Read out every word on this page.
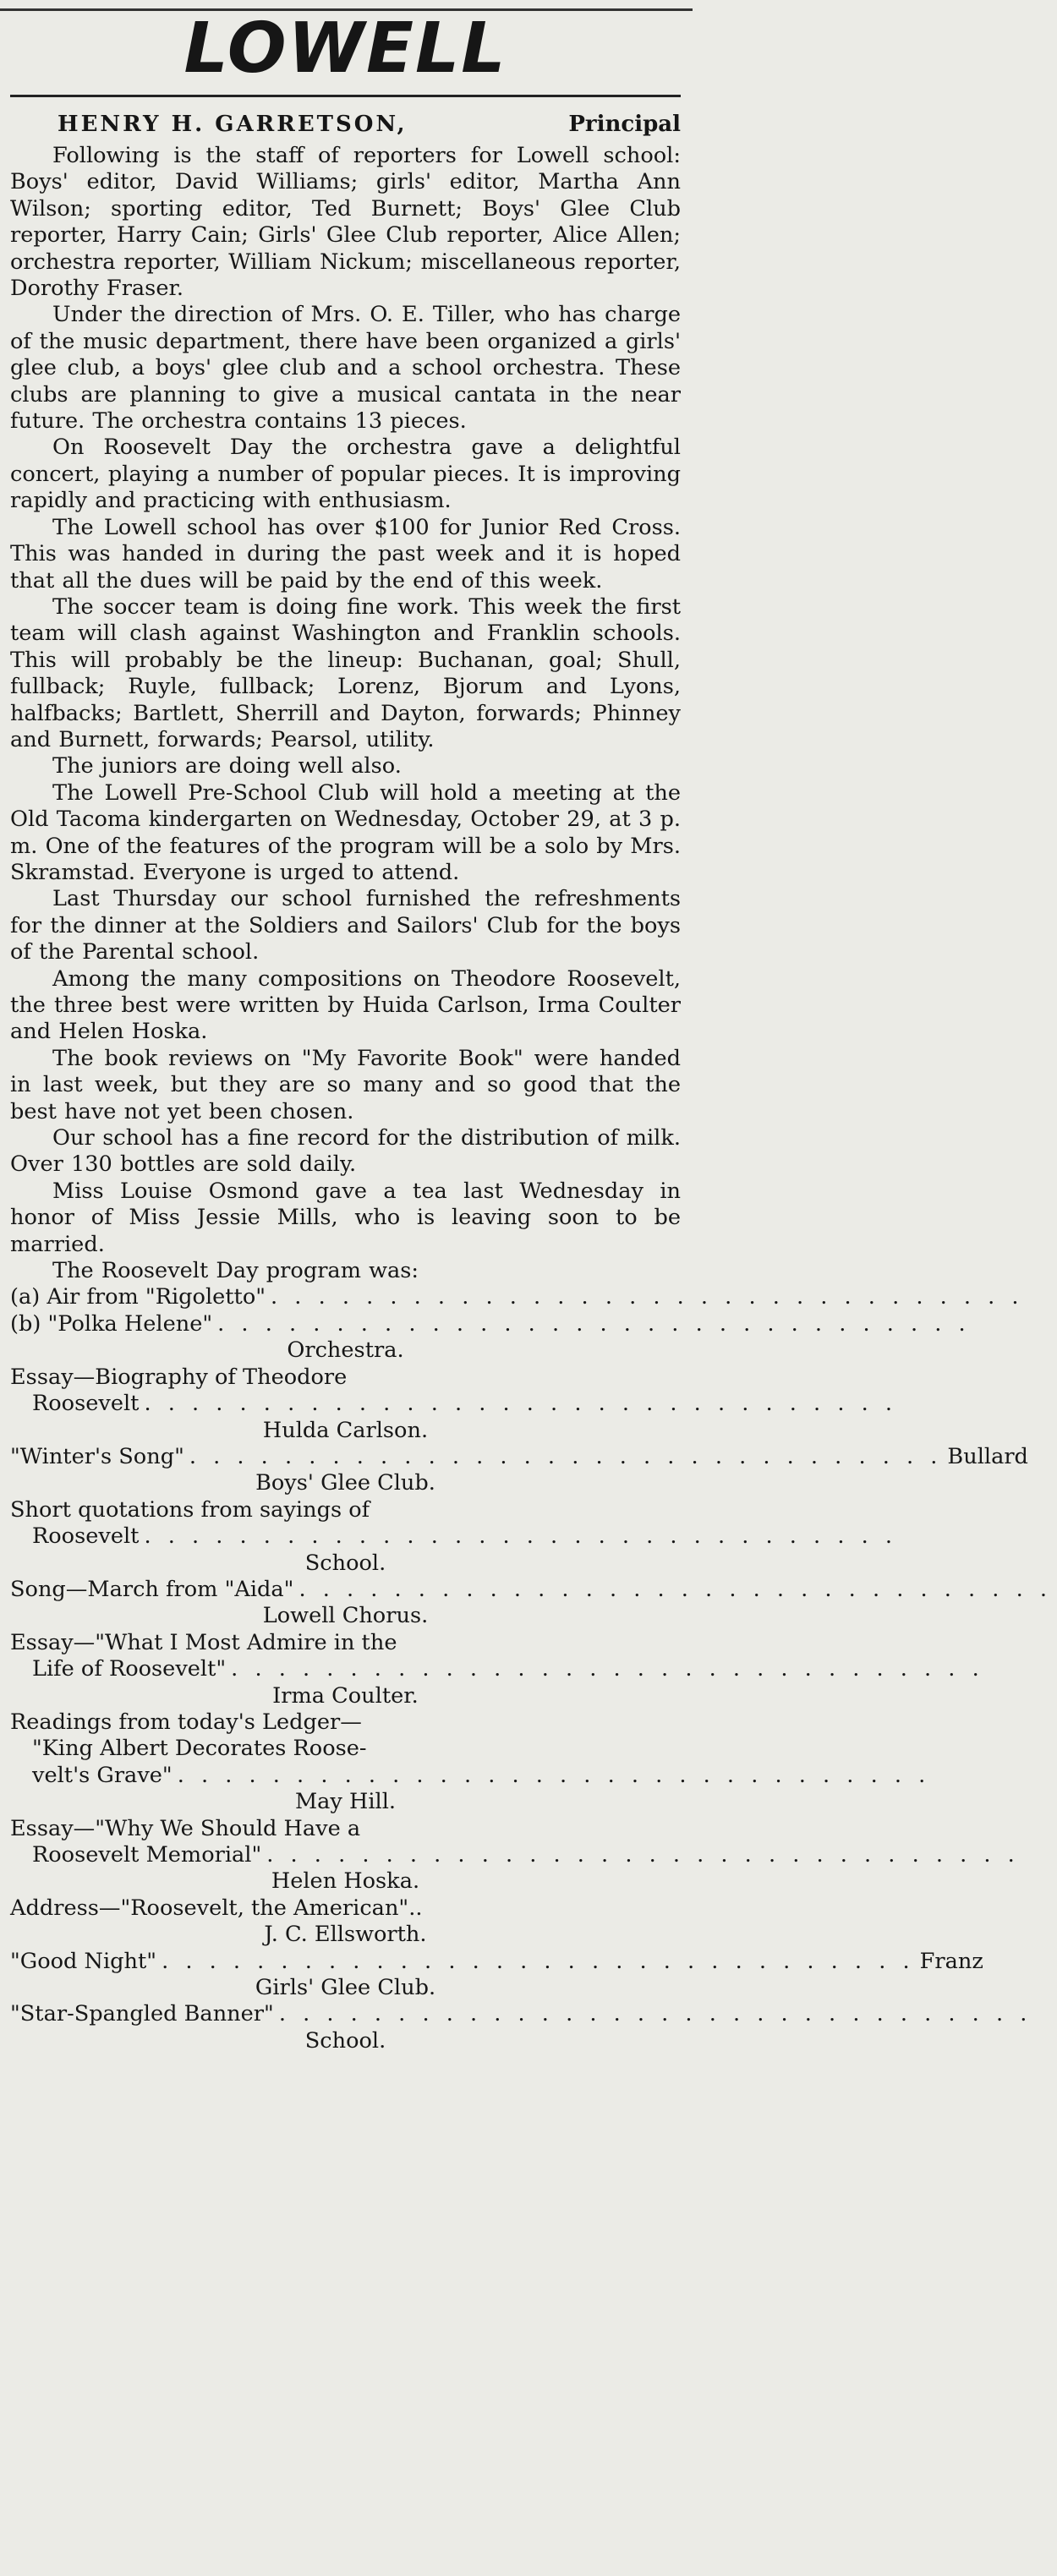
LOWELL
HENRY H. GARRETSON,	Principal

Following is the staff of reporters for Lowell school: Boys' editor, David Williams; girls' editor, Martha Ann Wilson; sporting editor, Ted Burnett; Boys' Glee Club reporter, Harry Cain; Girls' Glee Club reporter, Alice Allen; orchestra reporter, William Nickum; miscellaneous reporter, Dorothy Fraser.

Under the direction of Mrs. O. E. Tiller, who has charge of the music department, there have been organized a girls' glee club, a boys' glee club and a school orchestra. These clubs are planning to give a musical cantata in the near future. The orchestra contains 13 pieces.

On Roosevelt Day the orchestra gave a delightful concert, playing a number of popular pieces. It is improving rapidly and practicing with enthusiasm.

The Lowell school has over $100 for Junior Red Cross. This was handed in during the past week and it is hoped that all the dues will be paid by the end of this week.

The soccer team is doing fine work. This week the first team will clash against Washington and Franklin schools. This will probably be the lineup: Buchanan, goal; Shull, fullback; Ruyle, fullback; Lorenz, Bjorum and Lyons, halfbacks; Bartlett, Sherrill and Dayton, forwards; Phinney and Burnett, forwards; Pearsol, utility.

The juniors are doing well also.

The Lowell Pre-School Club will hold a meeting at the Old Tacoma kindergarten on Wednesday, October 29, at 3 p. m. One of the features of the program will be a solo by Mrs. Skramstad. Everyone is urged to attend.

Last Thursday our school furnished the refreshments for the dinner at the Soldiers and Sailors' Club for the boys of the Parental school.

Among the many compositions on Theodore Roosevelt, the three best were written by Huida Carlson, Irma Coulter and Helen Hoska.

The book reviews on "My Favorite Book" were handed in last week, but they are so many and so good that the best have not yet been chosen.

Our school has a fine record for the distribution of milk. Over 130 bottles are sold daily.

Miss Louise Osmond gave a tea last Wednesday in honor of Miss Jessie Mills, who is leaving soon to be married.

The Roosevelt Day program was:

(a) Air from "Rigoletto" . . . . . . . . . . . . . . . . . . . . . . . . . . . . . . . .
(b) "Polka Helene" . . . . . . . . . . . . . . . . . . . . . . . . . . . . . . . .
Orchestra.
Essay—Biography of Theodore
Roosevelt . . . . . . . . . . . . . . . . . . . . . . . . . . . . . . . .
Hulda Carlson.
"Winter's Song" . . . . . . . . . . . . . . . . . . . . . . . . . . . . . . . . Bullard
Boys' Glee Club.
Short quotations from sayings of
Roosevelt . . . . . . . . . . . . . . . . . . . . . . . . . . . . . . . .
School.
Song—March from "Aida" . . . . . . . . . . . . . . . . . . . . . . . . . . . . . . . .
Lowell Chorus.
Essay—"What I Most Admire in the
Life of Roosevelt" . . . . . . . . . . . . . . . . . . . . . . . . . . . . . . . .
Irma Coulter.
Readings from today's Ledger—
"King Albert Decorates Roose-
velt's Grave" . . . . . . . . . . . . . . . . . . . . . . . . . . . . . . . .
May Hill.
Essay—"Why We Should Have a
Roosevelt Memorial" . . . . . . . . . . . . . . . . . . . . . . . . . . . . . . . .
Helen Hoska.
Address—"Roosevelt, the American"..
J. C. Ellsworth.
"Good Night" . . . . . . . . . . . . . . . . . . . . . . . . . . . . . . . . Franz
Girls' Glee Club.
"Star-Spangled Banner" . . . . . . . . . . . . . . . . . . . . . . . . . . . . . . . .
School.
